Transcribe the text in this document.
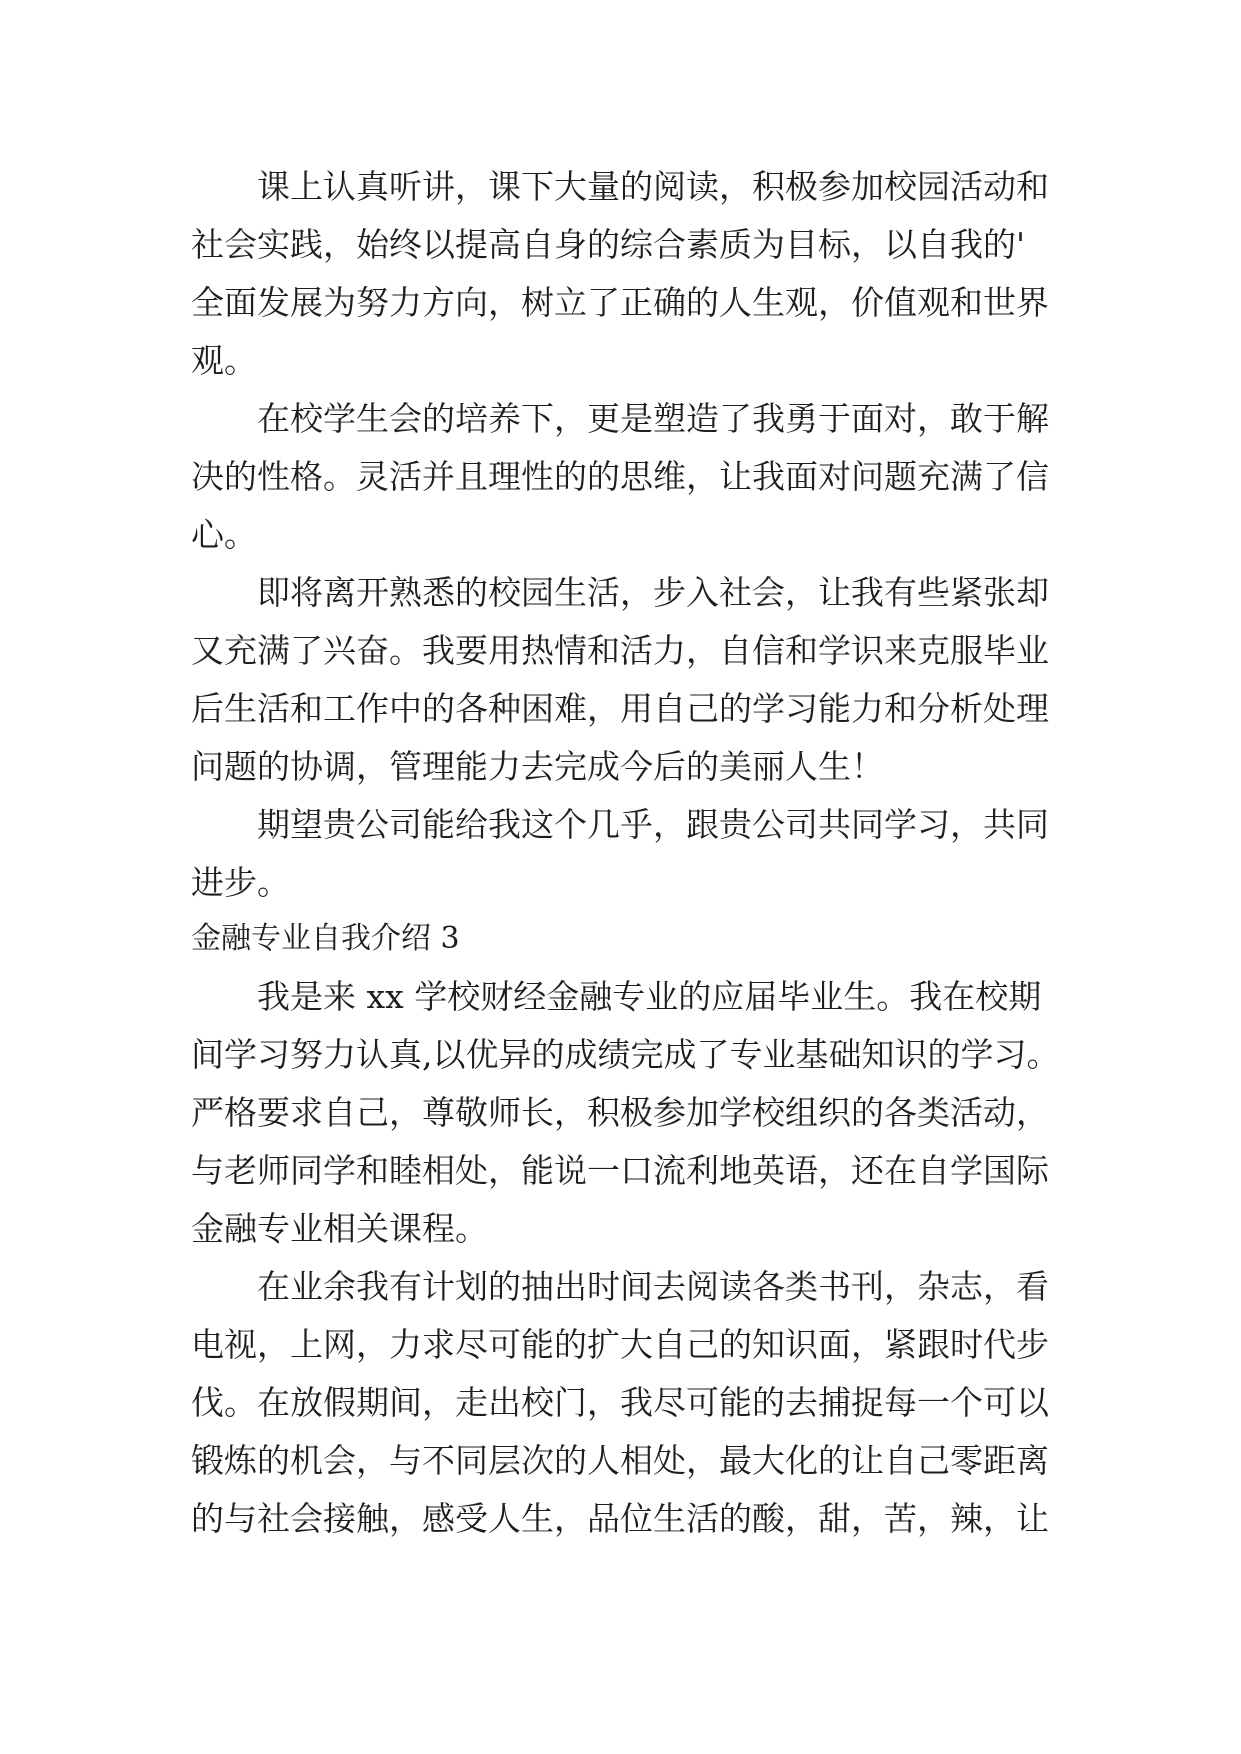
课上认真听讲，课下大量的阅读，积极参加校园活动和
社会实践，始终以提高自身的综合素质为目标，以自我的'
全面发展为努力方向，树立了正确的人生观，价值观和世界
观。
在校学生会的培养下，更是塑造了我勇于面对，敢于解
决的性格。灵活并且理性的的思维，让我面对问题充满了信
心。
即将离开熟悉的校园生活，步入社会，让我有些紧张却
又充满了兴奋。我要用热情和活力，自信和学识来克服毕业
后生活和工作中的各种困难，用自己的学习能力和分析处理
问题的协调，管理能力去完成今后的美丽人生！
期望贵公司能给我这个几乎，跟贵公司共同学习，共同
进步。
金融专业自我介绍 3
我是来 xx 学校财经金融专业的应届毕业生。我在校期
间学习努力认真,以优异的成绩完成了专业基础知识的学习。
严格要求自己，尊敬师长，积极参加学校组织的各类活动，
与老师同学和睦相处，能说一口流利地英语，还在自学国际
金融专业相关课程。
在业余我有计划的抽出时间去阅读各类书刊，杂志，看
电视，上网，力求尽可能的扩大自己的知识面，紧跟时代步
伐。在放假期间，走出校门，我尽可能的去捕捉每一个可以
锻炼的机会，与不同层次的人相处，最大化的让自己零距离
的与社会接触，感受人生，品位生活的酸，甜，苦，辣，让
